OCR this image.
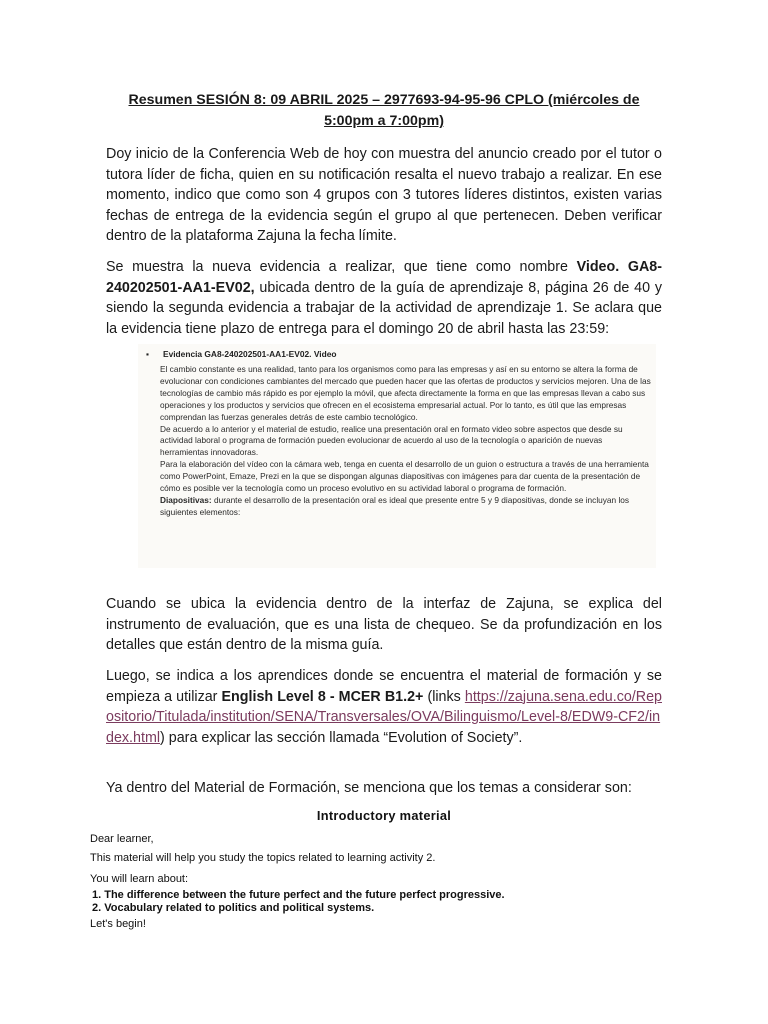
Resumen SESIÓN 8: 09 ABRIL 2025 – 2977693-94-95-96 CPLO (miércoles de 5:00pm a 7:00pm)
Doy inicio de la Conferencia Web de hoy con muestra del anuncio creado por el tutor o tutora líder de ficha, quien en su notificación resalta el nuevo trabajo a realizar. En ese momento, indico que como son 4 grupos con 3 tutores líderes distintos, existen varias fechas de entrega de la evidencia según el grupo al que pertenecen. Deben verificar dentro de la plataforma Zajuna la fecha límite.
Se muestra la nueva evidencia a realizar, que tiene como nombre Video. GA8-240202501-AA1-EV02, ubicada dentro de la guía de aprendizaje 8, página 26 de 40 y siendo la segunda evidencia a trabajar de la actividad de aprendizaje 1. Se aclara que la evidencia tiene plazo de entrega para el domingo 20 de abril hasta las 23:59:
▪ Evidencia GA8-240202501-AA1-EV02. Video
El cambio constante es una realidad, tanto para los organismos como para las empresas y así en su entorno se altera la forma de evolucionar con condiciones cambiantes del mercado que pueden hacer que las ofertas de productos y servicios mejoren. Una de las tecnologías de cambio más rápido es por ejemplo la móvil, que afecta directamente la forma en que las empresas llevan a cabo sus operaciones y los productos y servicios que ofrecen en el ecosistema empresarial actual. Por lo tanto, es útil que las empresas comprendan las fuerzas generales detrás de este cambio tecnológico.
De acuerdo a lo anterior y el material de estudio, realice una presentación oral en formato video sobre aspectos que desde su actividad laboral o programa de formación pueden evolucionar de acuerdo al uso de la tecnología o aparición de nuevas herramientas innovadoras.
Para la elaboración del vídeo con la cámara web, tenga en cuenta el desarrollo de un guion o estructura a través de una herramienta como PowerPoint, Emaze, Prezi en la que se dispongan algunas diapositivas con imágenes para dar cuenta de la presentación de cómo es posible ver la tecnología como un proceso evolutivo en su actividad laboral o programa de formación.
Diapositivas: durante el desarrollo de la presentación oral es ideal que presente entre 5 y 9 diapositivas, donde se incluyan los siguientes elementos:
Cuando se ubica la evidencia dentro de la interfaz de Zajuna, se explica del instrumento de evaluación, que es una lista de chequeo. Se da profundización en los detalles que están dentro de la misma guía.
Luego, se indica a los aprendices donde se encuentra el material de formación y se empieza a utilizar English Level 8 - MCER B1.2+ (links https://zajuna.sena.edu.co/Repositorio/Titulada/institution/SENA/Transversales/OVA/Bilinguismo/Level-8/EDW9-CF2/index.html) para explicar las sección llamada “Evolution of Society”.
Ya dentro del Material de Formación, se menciona que los temas a considerar son:
Introductory material
Dear learner,
This material will help you study the topics related to learning activity 2.
You will learn about:
1. The difference between the future perfect and the future perfect progressive.
2. Vocabulary related to politics and political systems.
Let's begin!
